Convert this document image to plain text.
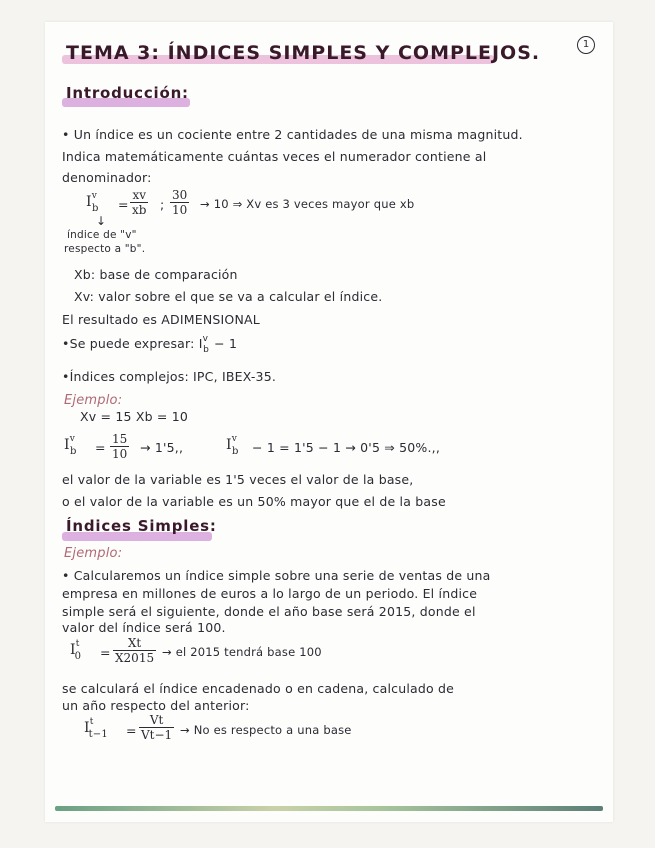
1
TEMA 3: ÍNDICES SIMPLES Y COMPLEJOS.
Introducción:
• Un índice es un cociente entre 2 cantidades de una misma magnitud.
Indica matemáticamente cuántas veces el numerador contiene al
denominador:
$I^v_b$	=
xv
xb ;
30
10 → 10 ⇒ Xv es 3 veces mayor que xb
↓
índice de "v"
respecto a "b".
Xb: base de comparación
Xv: valor sobre el que se va a calcular el índice.
El resultado es ADIMENSIONAL
•Se puede expresar: $I^v_b - 1$
•Índices complejos: IPC, IBEX-35.
Ejemplo:
Xv = 15 Xb = 10
$I^v_b$	=
15
10 → 1'5,,	$I^v_b$	− 1 = 1'5 − 1 → 0'5 ⇒ 50%.,,
el valor de la variable es 1'5 veces el valor de la base,
o el valor de la variable es un 50% mayor que el de la base
Índices Simples:
Ejemplo:
• Calcularemos un índice simple sobre una serie de ventas de una
empresa en millones de euros a lo largo de un periodo. El índice
simple será el siguiente, donde el año base será 2015, donde el
valor del índice será 100.
$I^t_0$	=
Xt
X2015 → el 2015 tendrá base 100
se calculará el índice encadenado o en cadena, calculado de
un año respecto del anterior:
$I^t_{t-1}$	=
Vt
Vt−1 → No es respecto a una base
